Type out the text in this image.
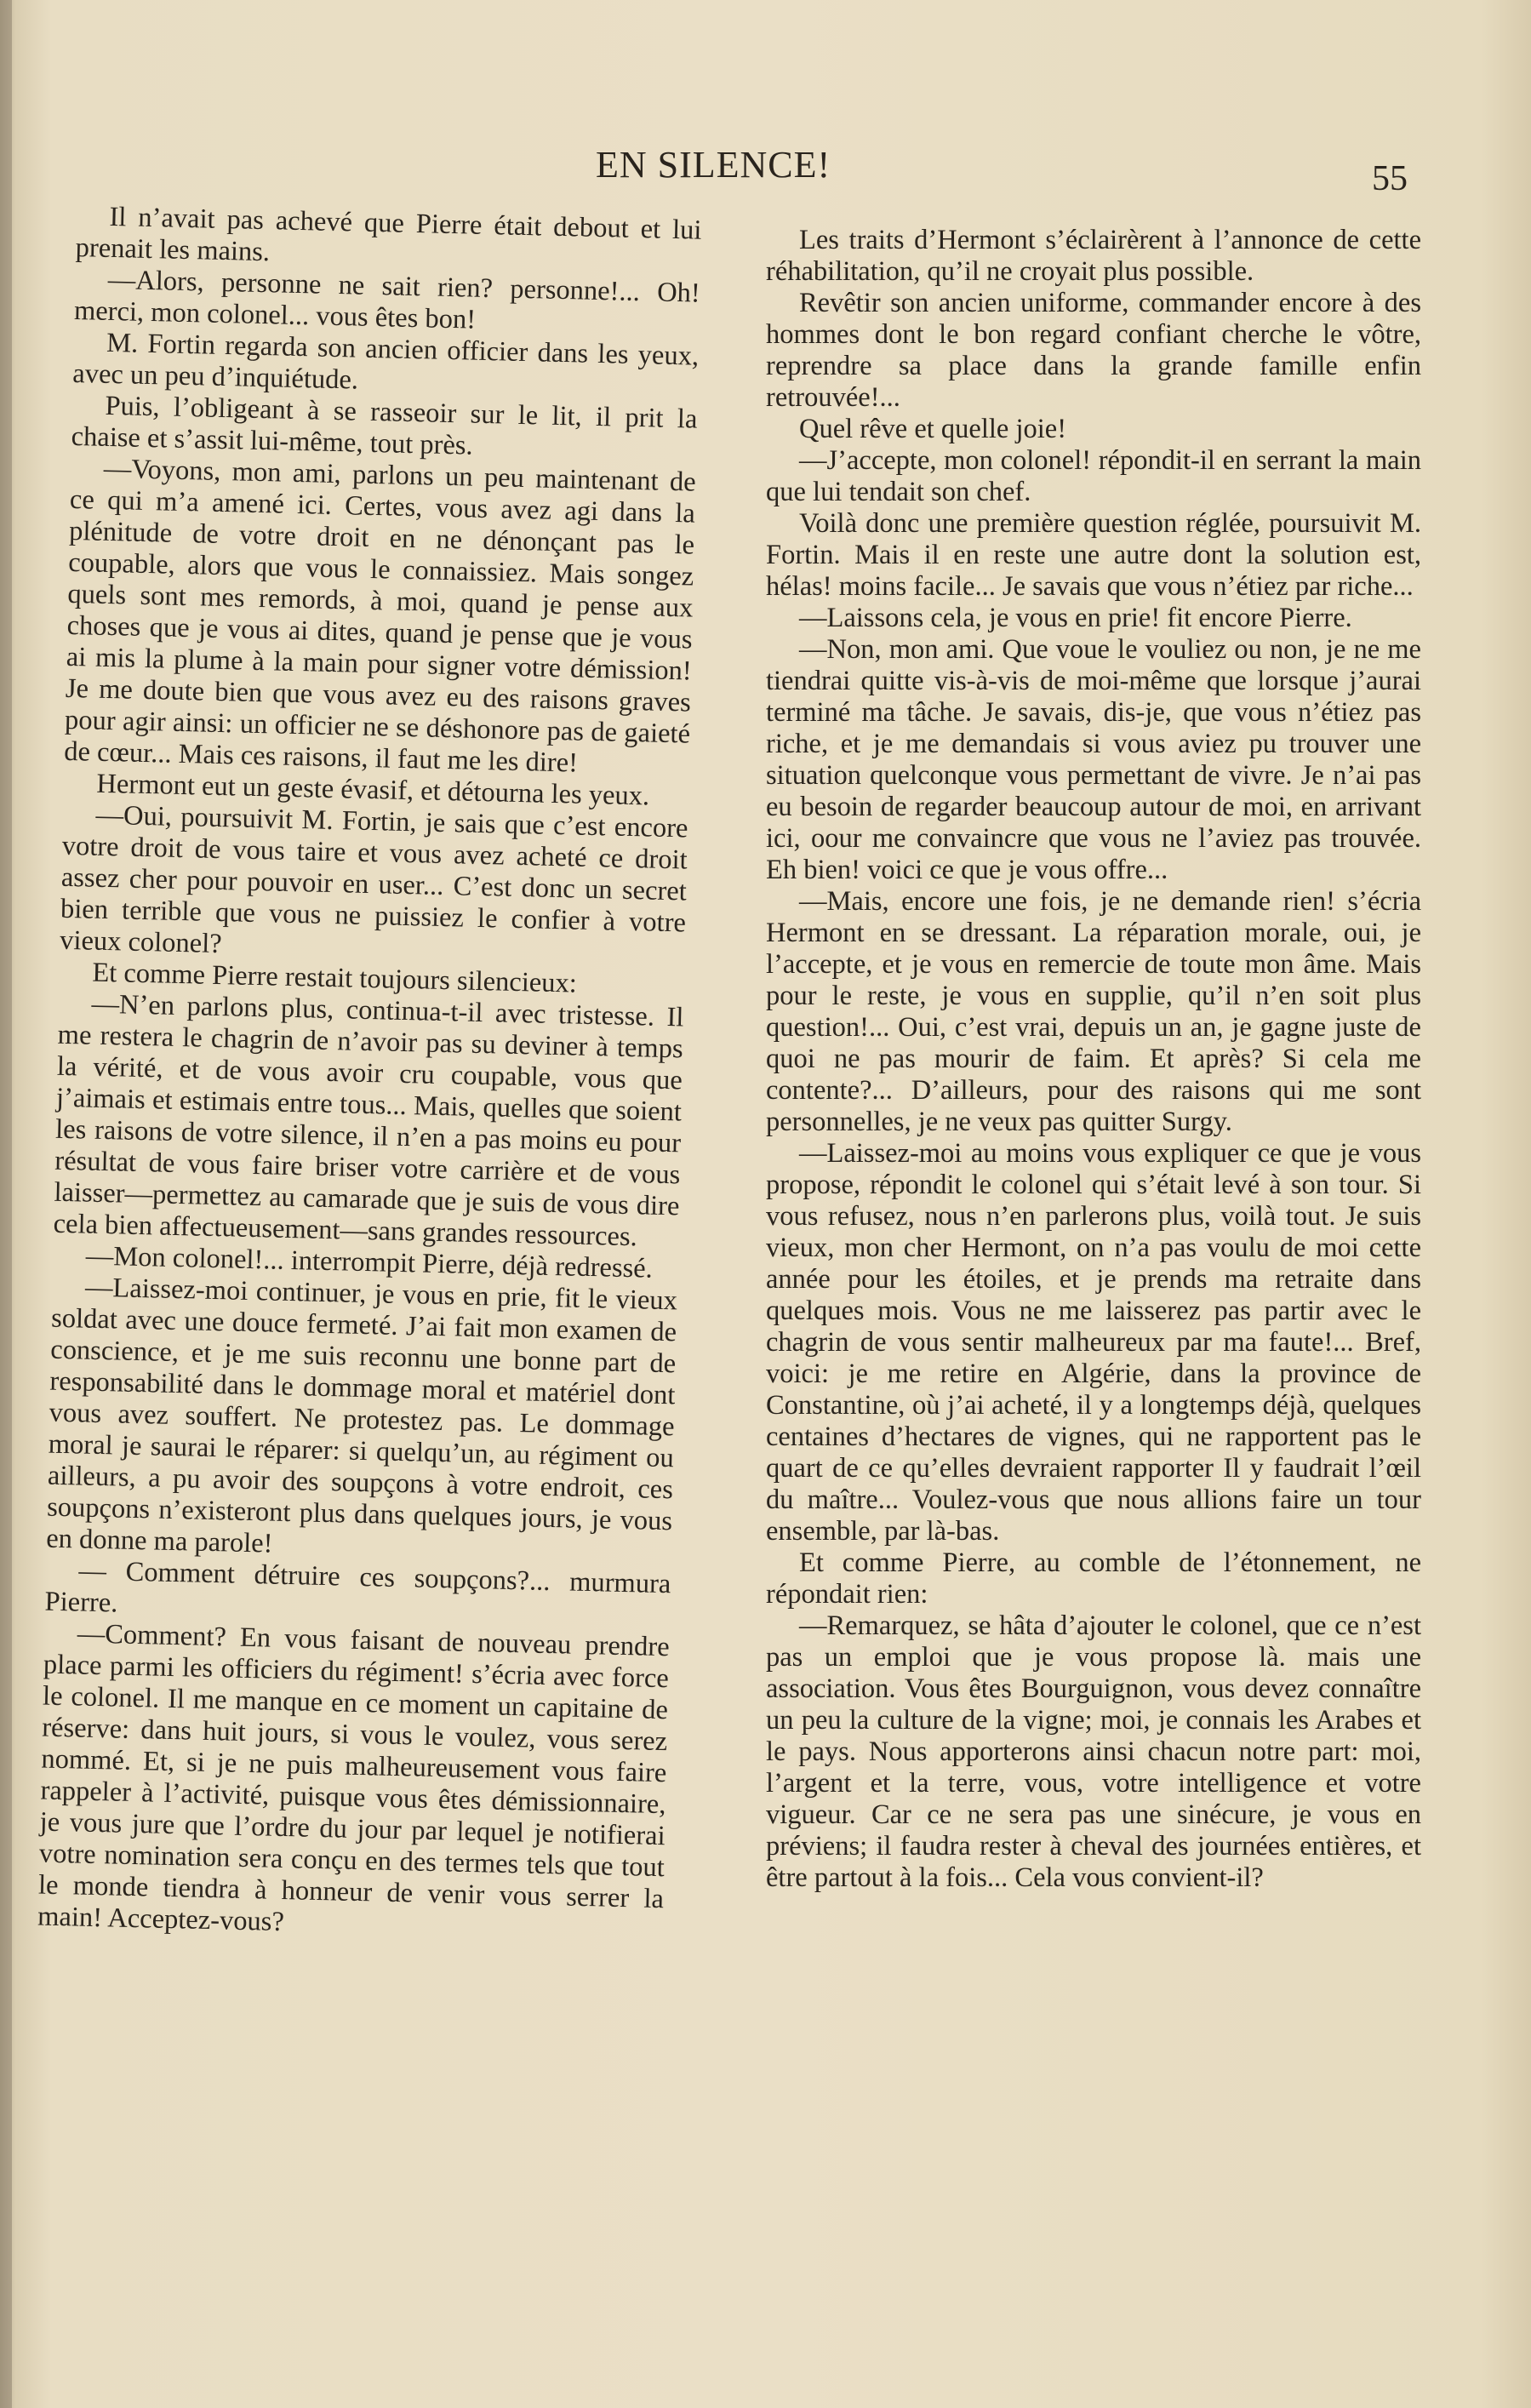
EN SILENCE!	55

Il n’avait pas achevé que Pierre était debout et lui prenait les mains.

—Alors, personne ne sait rien? personne!... Oh! merci, mon colonel... vous êtes bon!

M. Fortin regarda son ancien officier dans les yeux, avec un peu d’inquiétude.

Puis, l’obligeant à se rasseoir sur le lit, il prit la chaise et s’assit lui-même, tout près.

—Voyons, mon ami, parlons un peu maintenant de ce qui m’a amené ici. Certes, vous avez agi dans la plénitude de votre droit en ne dénonçant pas le coupable, alors que vous le connaissiez. Mais songez quels sont mes remords, à moi, quand je pense aux choses que je vous ai dites, quand je pense que je vous ai mis la plume à la main pour signer votre démission! Je me doute bien que vous avez eu des raisons graves pour agir ainsi: un officier ne se déshonore pas de gaieté de cœur... Mais ces raisons, il faut me les dire!

Hermont eut un geste évasif, et détourna les yeux.

—Oui, poursuivit M. Fortin, je sais que c’est encore votre droit de vous taire et vous avez acheté ce droit assez cher pour pouvoir en user... C’est donc un secret bien terrible que vous ne puissiez le confier à votre vieux colonel?

Et comme Pierre restait toujours silencieux:

—N’en parlons plus, continua-t-il avec tristesse. Il me restera le chagrin de n’avoir pas su deviner à temps la vérité, et de vous avoir cru coupable, vous que j’aimais et estimais entre tous... Mais, quelles que soient les raisons de votre silence, il n’en a pas moins eu pour résultat de vous faire briser votre carrière et de vous laisser—permettez au camarade que je suis de vous dire cela bien affectueusement—sans grandes ressources.

—Mon colonel!... interrompit Pierre, déjà redressé.

—Laissez-moi continuer, je vous en prie, fit le vieux soldat avec une douce fermeté. J’ai fait mon examen de conscience, et je me suis reconnu une bonne part de responsabilité dans le dommage moral et matériel dont vous avez souffert. Ne protestez pas. Le dommage moral je saurai le réparer: si quelqu’un, au régiment ou ailleurs, a pu avoir des soupçons à votre endroit, ces soupçons n’existeront plus dans quelques jours, je vous en donne ma parole!

— Comment détruire ces soupçons?... murmura Pierre.

—Comment? En vous faisant de nouveau prendre place parmi les officiers du régiment! s’écria avec force le colonel. Il me manque en ce moment un capitaine de réserve: dans huit jours, si vous le voulez, vous serez nommé. Et, si je ne puis malheureusement vous faire rappeler à l’activité, puisque vous êtes démissionnaire, je vous jure que l’ordre du jour par lequel je notifierai votre nomination sera conçu en des termes tels que tout le monde tiendra à honneur de venir vous serrer la main! Acceptez-vous?

Les traits d’Hermont s’éclairèrent à l’annonce de cette réhabilitation, qu’il ne croyait plus possible.

Revêtir son ancien uniforme, commander encore à des hommes dont le bon regard confiant cherche le vôtre, reprendre sa place dans la grande famille enfin retrouvée!...

Quel rêve et quelle joie!

—J’accepte, mon colonel! répondit-il en serrant la main que lui tendait son chef.

Voilà donc une première question réglée, poursuivit M. Fortin. Mais il en reste une autre dont la solution est, hélas! moins facile... Je savais que vous n’étiez par riche...

—Laissons cela, je vous en prie! fit encore Pierre.

—Non, mon ami. Que voue le vouliez ou non, je ne me tiendrai quitte vis-à-vis de moi-même que lorsque j’aurai terminé ma tâche. Je savais, dis-je, que vous n’étiez pas riche, et je me demandais si vous aviez pu trouver une situation quelconque vous permettant de vivre. Je n’ai pas eu besoin de regarder beaucoup autour de moi, en arrivant ici, oour me convaincre que vous ne l’aviez pas trouvée. Eh bien! voici ce que je vous offre...

—Mais, encore une fois, je ne demande rien! s’écria Hermont en se dressant. La réparation morale, oui, je l’accepte, et je vous en remercie de toute mon âme. Mais pour le reste, je vous en supplie, qu’il n’en soit plus question!... Oui, c’est vrai, depuis un an, je gagne juste de quoi ne pas mourir de faim. Et après? Si cela me contente?... D’ailleurs, pour des raisons qui me sont personnelles, je ne veux pas quitter Surgy.

—Laissez-moi au moins vous expliquer ce que je vous propose, répondit le colonel qui s’était levé à son tour. Si vous refusez, nous n’en parlerons plus, voilà tout. Je suis vieux, mon cher Hermont, on n’a pas voulu de moi cette année pour les étoiles, et je prends ma retraite dans quelques mois. Vous ne me laisserez pas partir avec le chagrin de vous sentir malheureux par ma faute!... Bref, voici: je me retire en Algérie, dans la province de Constantine, où j’ai acheté, il y a longtemps déjà, quelques centaines d’hectares de vignes, qui ne rapportent pas le quart de ce qu’elles devraient rapporter Il y faudrait l’œil du maître... Voulez-vous que nous allions faire un tour ensemble, par là-bas.

Et comme Pierre, au comble de l’étonnement, ne répondait rien:

—Remarquez, se hâta d’ajouter le colonel, que ce n’est pas un emploi que je vous propose là. mais une association. Vous êtes Bourguignon, vous devez connaître un peu la culture de la vigne; moi, je connais les Arabes et le pays. Nous apporterons ainsi chacun notre part: moi, l’argent et la terre, vous, votre intelligence et votre vigueur. Car ce ne sera pas une sinécure, je vous en préviens; il faudra rester à cheval des journées entières, et être partout à la fois... Cela vous convient-il?
